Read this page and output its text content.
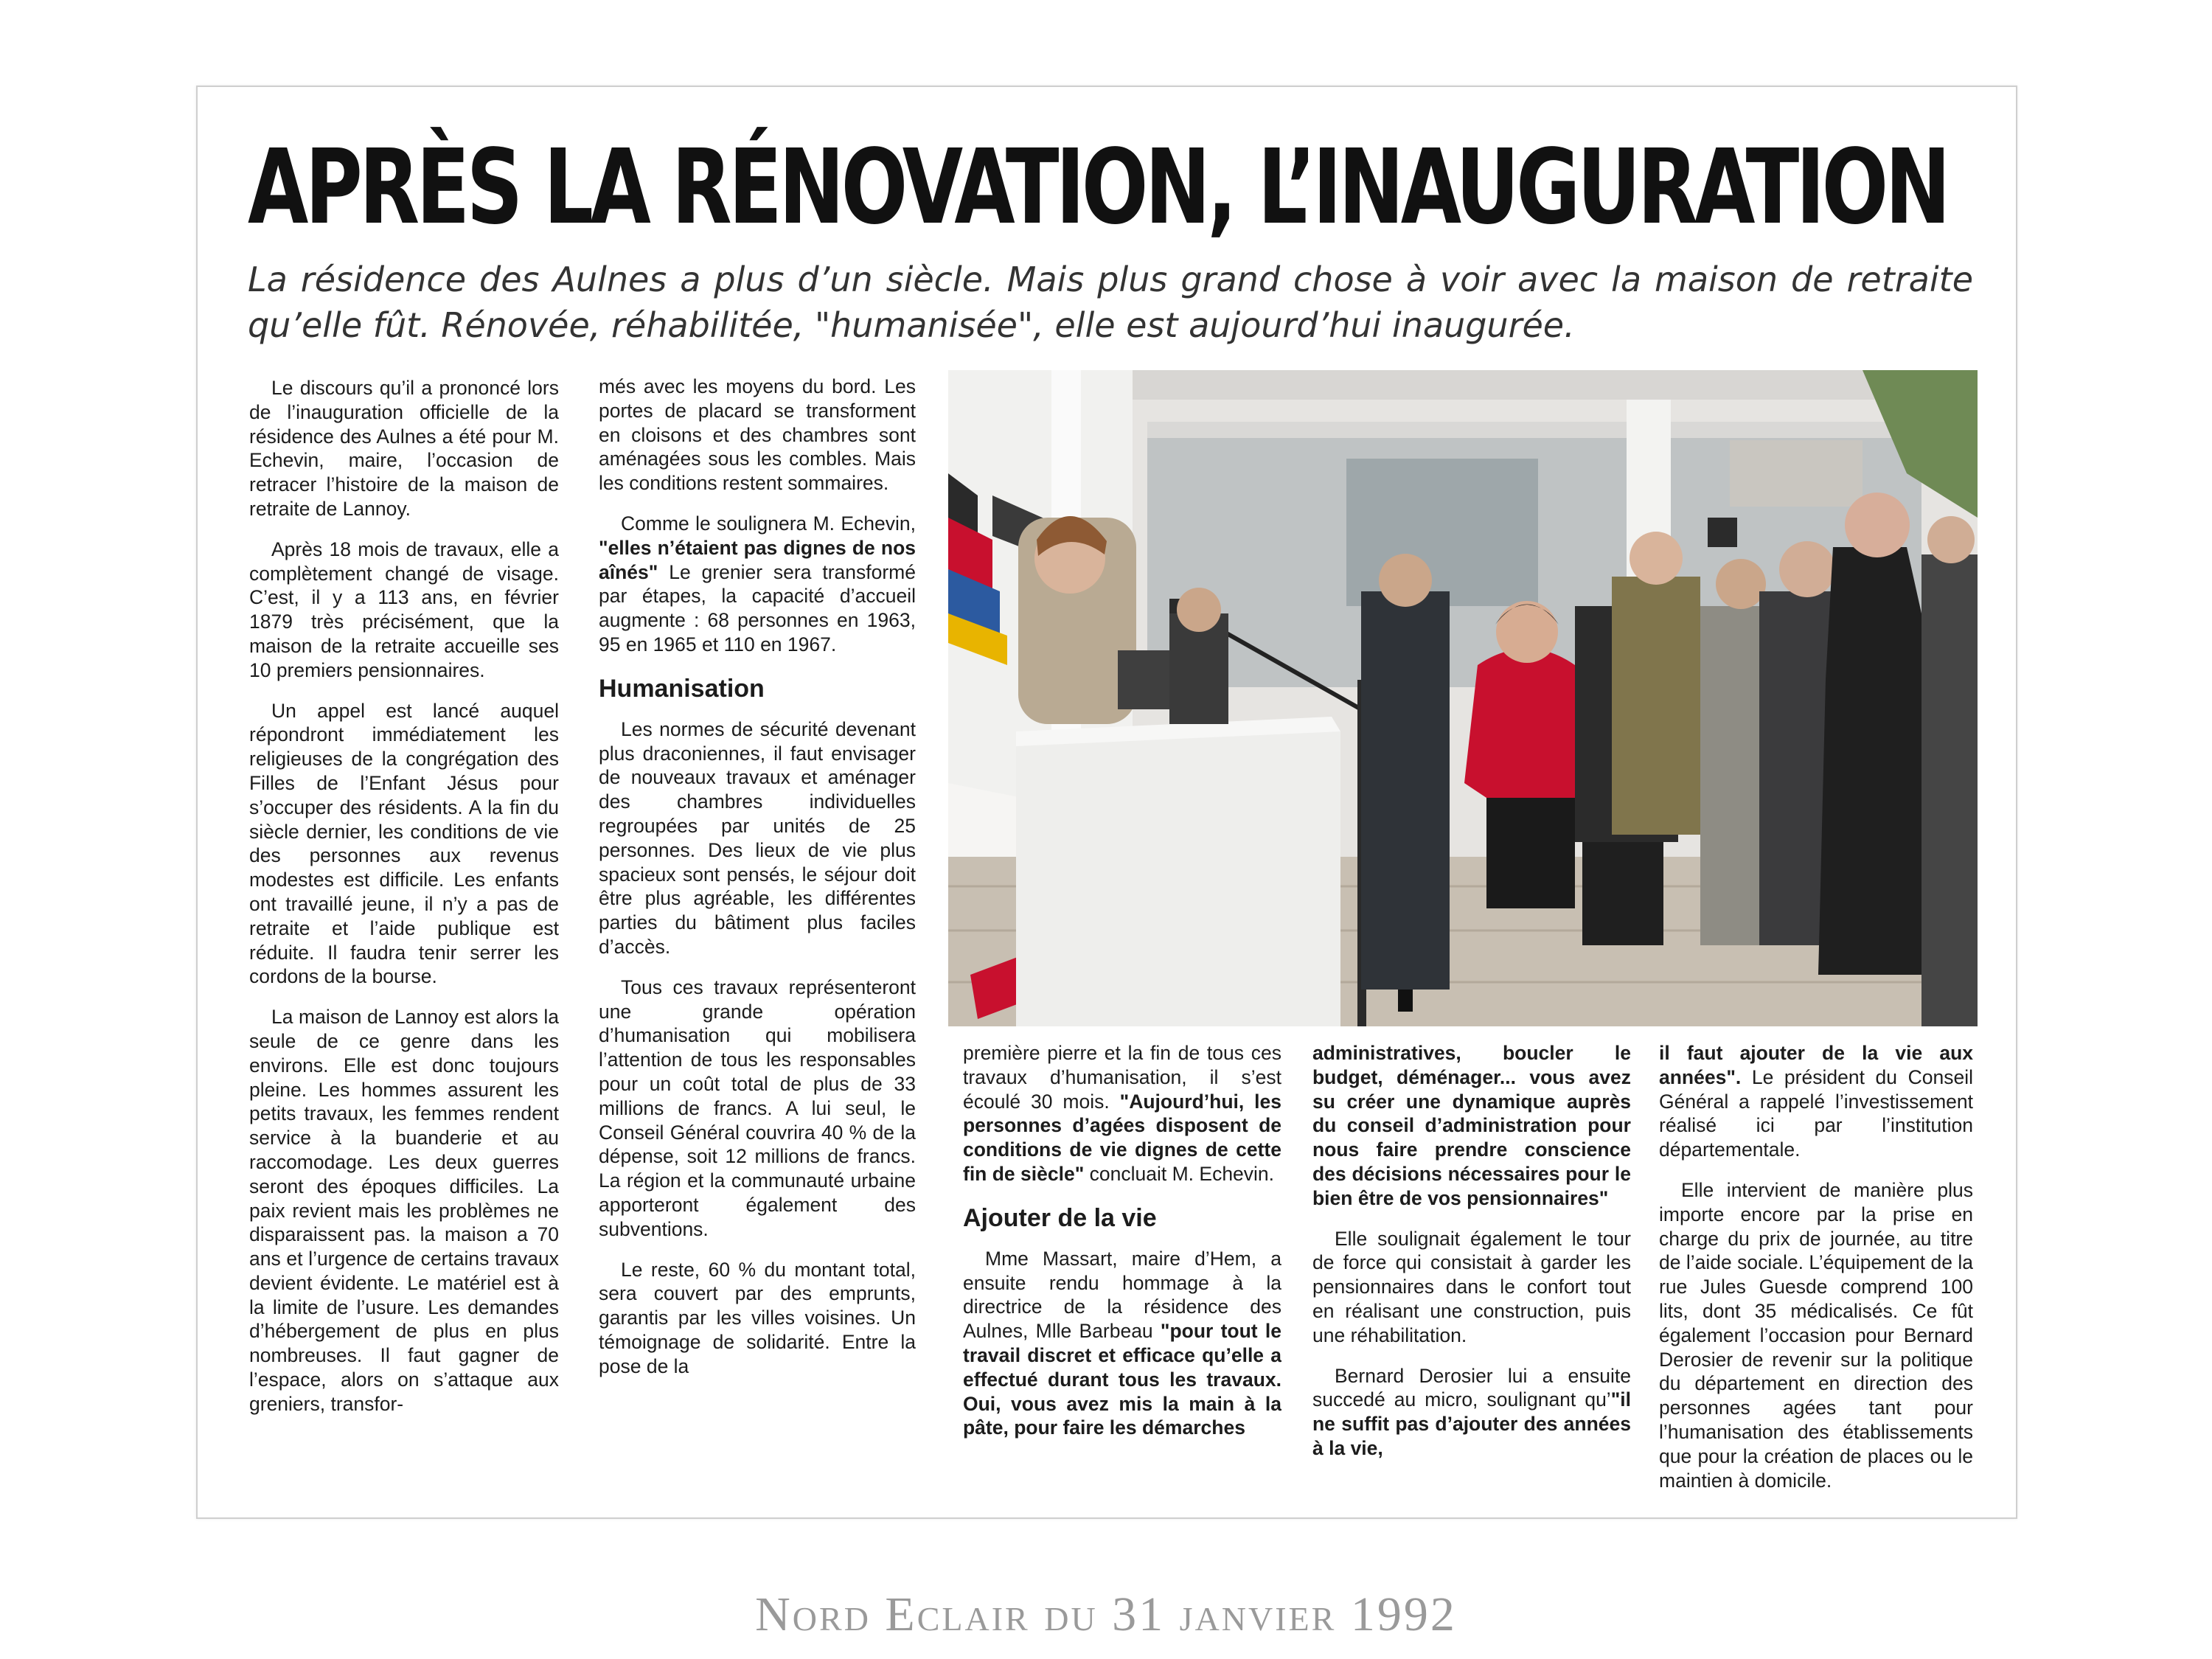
APRÈS LA RÉNOVATION, L’INAUGURATION

La résidence des Aulnes a plus d’un siècle. Mais plus grand chose à voir avec la maison de retraite qu’elle fût. Rénovée, réhabilitée, "humanisée", elle est aujourd’hui inaugurée.

Le discours qu’il a prononcé lors de l’inauguration officielle de la résidence des Aulnes a été pour M. Echevin, maire, l’occasion de retracer l’histoire de la maison de retraite de Lannoy.

Après 18 mois de travaux, elle a complètement changé de visage. C’est, il y a 113 ans, en février 1879 très précisément, que la maison de la retraite accueille ses 10 premiers pensionnaires.

Un appel est lancé auquel répondront immédiatement les religieuses de la congrégation des Filles de l’Enfant Jésus pour s’occuper des résidents. A la fin du siècle dernier, les conditions de vie des personnes aux revenus modestes est difficile. Les enfants ont travaillé jeune, il n’y a pas de retraite et l’aide publique est réduite. Il faudra tenir serrer les cordons de la bourse.

La maison de Lannoy est alors la seule de ce genre dans les environs. Elle est donc toujours pleine. Les hommes assurent les petits travaux, les femmes rendent service à la buanderie et au raccomodage. Les deux guerres seront des époques difficiles. La paix revient mais les problèmes ne disparaissent pas. la maison a 70 ans et l’urgence de certains travaux devient évidente. Le matériel est à la limite de l’usure. Les demandes d’hébergement de plus en plus nombreuses. Il faut gagner de l’espace, alors on s’attaque aux greniers, transfor-

més avec les moyens du bord. Les portes de placard se transforment en cloisons et des chambres sont aménagées sous les combles. Mais les conditions restent sommaires.

Comme le soulignera M. Echevin, "elles n’étaient pas dignes de nos aînés" Le grenier sera transformé par étapes, la capacité d’accueil augmente : 68 personnes en 1963, 95 en 1965 et 110 en 1967.

Humanisation

Les normes de sécurité devenant plus draconiennes, il faut envisager de nouveaux travaux et aménager des chambres individuelles regroupées par unités de 25 personnes. Des lieux de vie plus spacieux sont pensés, le séjour doit être plus agréable, les différentes parties du bâtiment plus faciles d’accès.

Tous ces travaux représenteront une grande opération d’humanisation qui mobilisera l’attention de tous les responsables pour un coût total de plus de 33 millions de francs. A lui seul, le Conseil Général couvrira 40 % de la dépense, soit 12 millions de francs. La région et la communauté urbaine apporteront également des subventions.

Le reste, 60 % du montant total, sera couvert par des emprunts, garantis par les villes voisines. Un témoignage de solidarité. Entre la pose de la

première pierre et la fin de tous ces travaux d’humanisation, il s’est écoulé 30 mois. "Aujourd’hui, les personnes d’agées disposent de conditions de vie dignes de cette fin de siècle" concluait M. Echevin.

Ajouter de la vie

Mme Massart, maire d’Hem, a ensuite rendu hommage à la directrice de la résidence des Aulnes, Mlle Barbeau "pour tout le travail discret et efficace qu’elle a effectué durant tous les travaux. Oui, vous avez mis la main à la pâte, pour faire les démarches

administratives, boucler le budget, déménager... vous avez su créer une dynamique auprès du conseil d’administration pour nous faire prendre conscience des décisions nécessaires pour le bien être de vos pensionnaires"

Elle soulignait également le tour de force qui consistait à garder les pensionnaires dans le confort tout en réalisant une construction, puis une réhabilitation.

Bernard Derosier lui a ensuite succedé au micro, soulignant qu’"il ne suffit pas d’ajouter des années à la vie,

il faut ajouter de la vie aux années". Le président du Conseil Général a rappelé l’investissement réalisé ici par l’institution départementale.

Elle intervient de manière plus importe encore par la prise en charge du prix de journée, au titre de l’aide sociale. L’équipement de la rue Jules Guesde comprend 100 lits, dont 35 médicalisés. Ce fût également l’occasion pour Bernard Derosier de revenir sur la politique du département en direction des personnes agées tant pour l’humanisation des établissements que pour la création de places ou le maintien à domicile.

Nord Eclair du 31 janvier 1992
